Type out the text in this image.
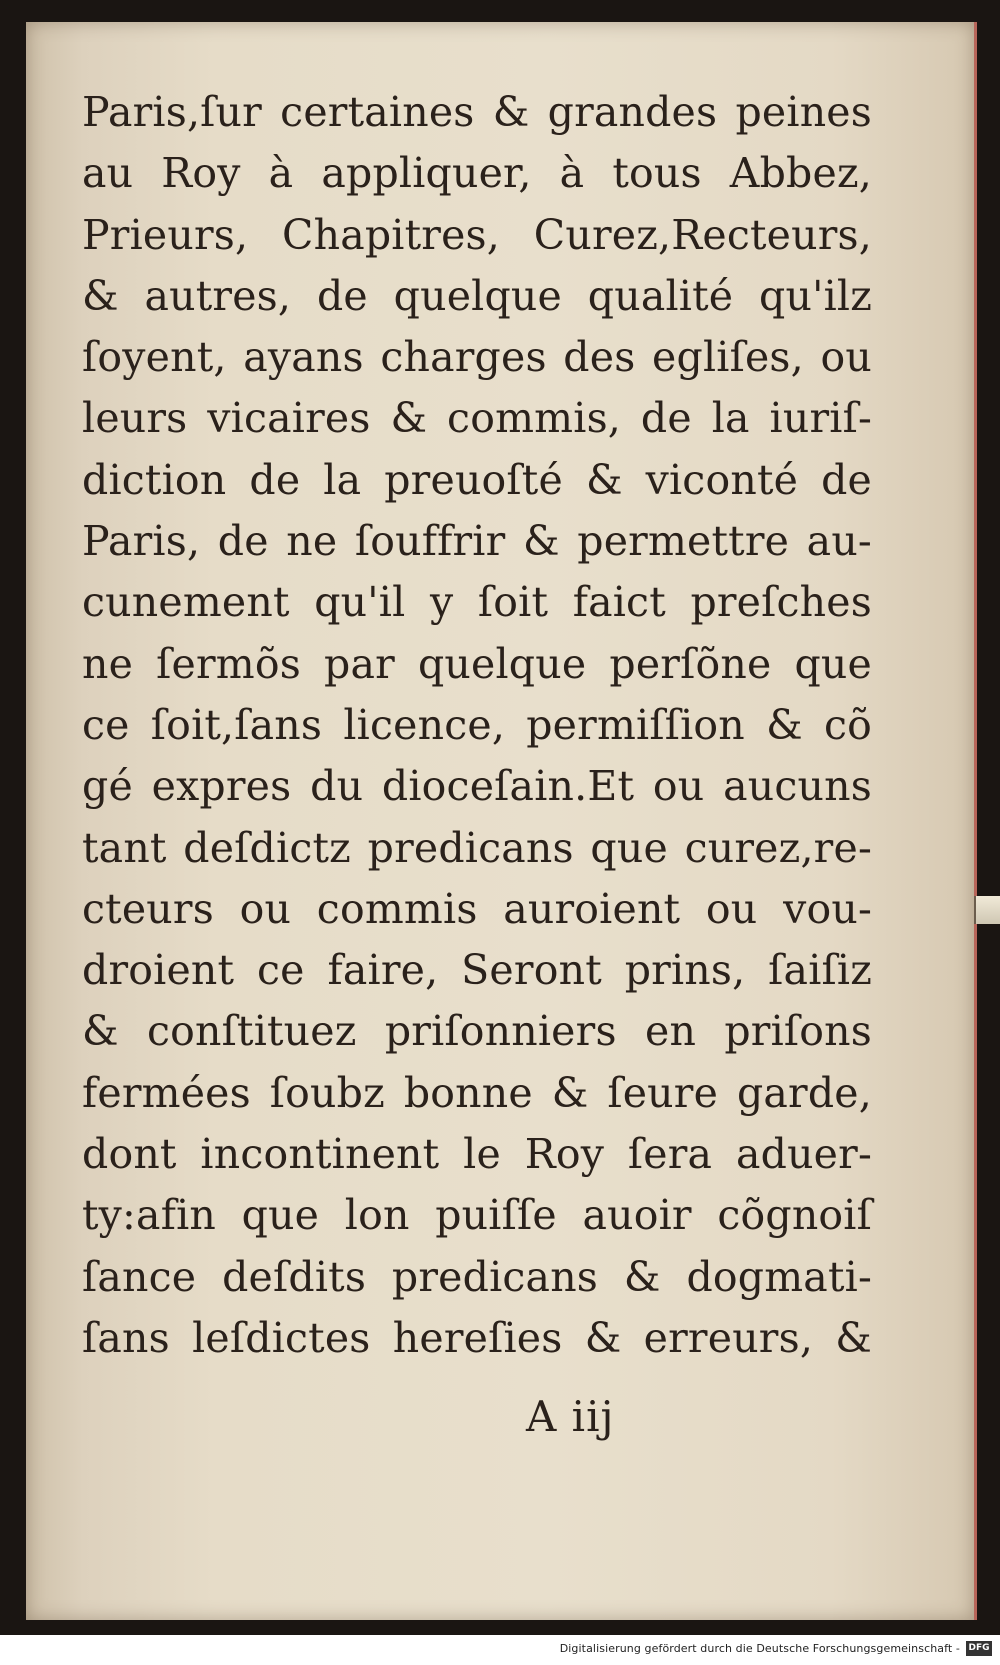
Paris,ſur certaines & grandes peines
au Roy à appliquer, à tous Abbez,
Prieurs, Chapitres, Curez,Recteurs,
& autres, de quelque qualité qu'ilz
ſoyent, ayans charges des egliſes, ou
leurs vicaires & commis, de la iuriſ-
diction de la preuoſté & viconté de
Paris, de ne ſouffrir & permettre au-
cunement qu'il y ſoit faict preſches
ne ſermõs par quelque perſõne que
ce ſoit,ſans licence, permiſſion & cõ
gé expres du dioceſain.Et ou aucuns
tant deſdictz predicans que curez,re-
cteurs ou commis auroient ou vou-
droient ce faire, Seront prins, ſaiſiz
& conſtituez priſonniers en priſons
fermées ſoubz bonne & ſeure garde,
dont incontinent le Roy ſera aduer-
ty:afin que lon puiſſe auoir cõgnoiſ
ſance deſdits predicans & dogmati-
ſans leſdictes hereſies & erreurs, &
A iij
Digitalisierung gefördert durch die Deutsche Forschungsgemeinschaft - DFG
